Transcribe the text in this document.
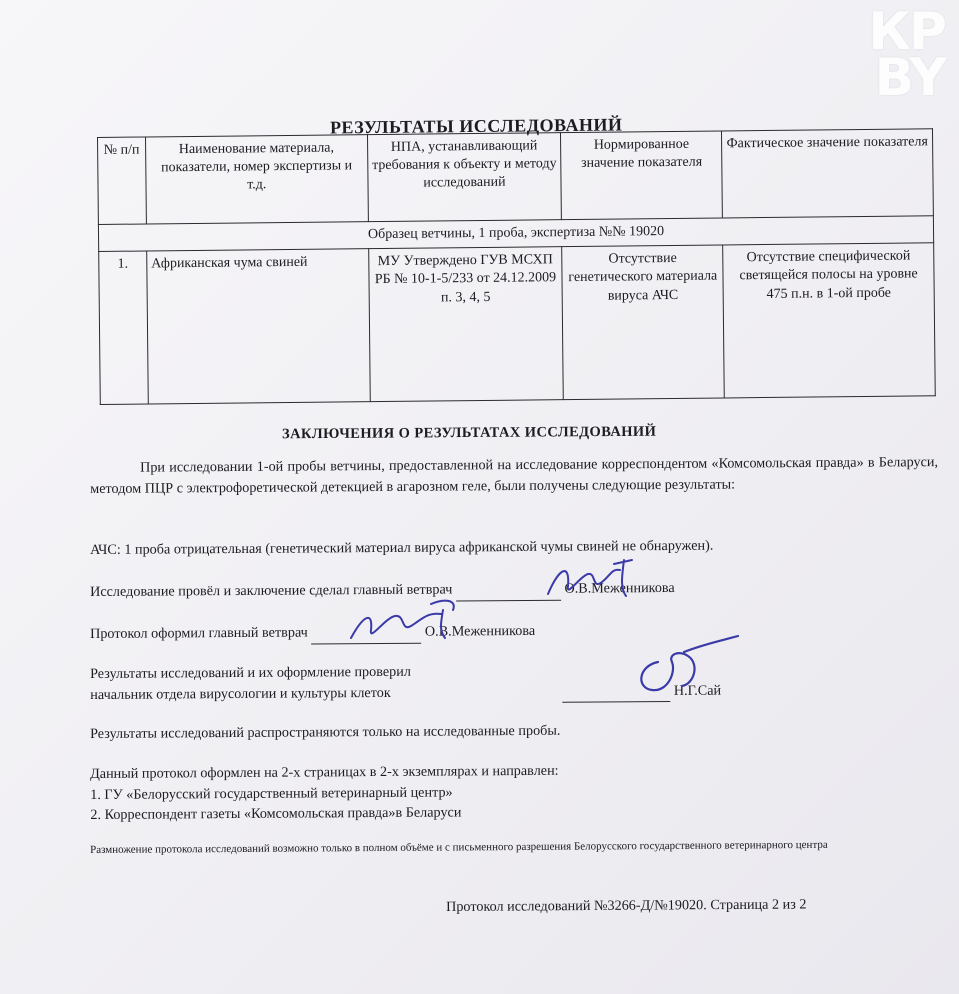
КР
BY
РЕЗУЛЬТАТЫ ИССЛЕДОВАНИЙ
№ п/п	Наименование материала, показатели, номер экспертизы и т.д.	НПА, устанавливающий требования к объекту и методу исследований	Нормированное значение показателя	Фактическое значение показателя
Образец ветчины, 1 проба, экспертиза №№ 19020				
1.	Африканская чума свиней	МУ Утверждено ГУВ МСХП РБ № 10-1-5/233 от 24.12.2009 п. 3, 4, 5	Отсутствие генетического материала вируса АЧС	Отсутствие специфической светящейся полосы на уровне 475 п.н. в 1-ой пробе
ЗАКЛЮЧЕНИЯ О РЕЗУЛЬТАТАХ ИССЛЕДОВАНИЙ
При исследовании 1-ой пробы ветчины, предоставленной на исследование корреспондентом «Комсомольская правда» в Беларуси, методом ПЦР с электрофоретической детекцией в агарозном геле, были получены следующие результаты:
АЧС: 1 проба отрицательная (генетический материал вируса африканской чумы свиней не обнаружен).
Исследование провёл и заключение сделал главный ветврач	О.В.Меженникова
Протокол оформил главный ветврач	О.В.Меженникова
Результаты исследований и их оформление проверил
начальник отдела вирусологии и культуры клеток	Н.Г.Сай
Результаты исследований распространяются только на исследованные пробы.
Данный протокол оформлен на 2-х страницах в 2-х экземплярах и направлен:
1. ГУ «Белорусский государственный ветеринарный центр»
2. Корреспондент газеты «Комсомольская правда»в Беларуси
Размножение протокола исследований возможно только в полном объёме и с письменного разрешения Белорусского государственного ветеринарного центра
Протокол исследований №3266-Д/№19020. Страница 2 из 2
